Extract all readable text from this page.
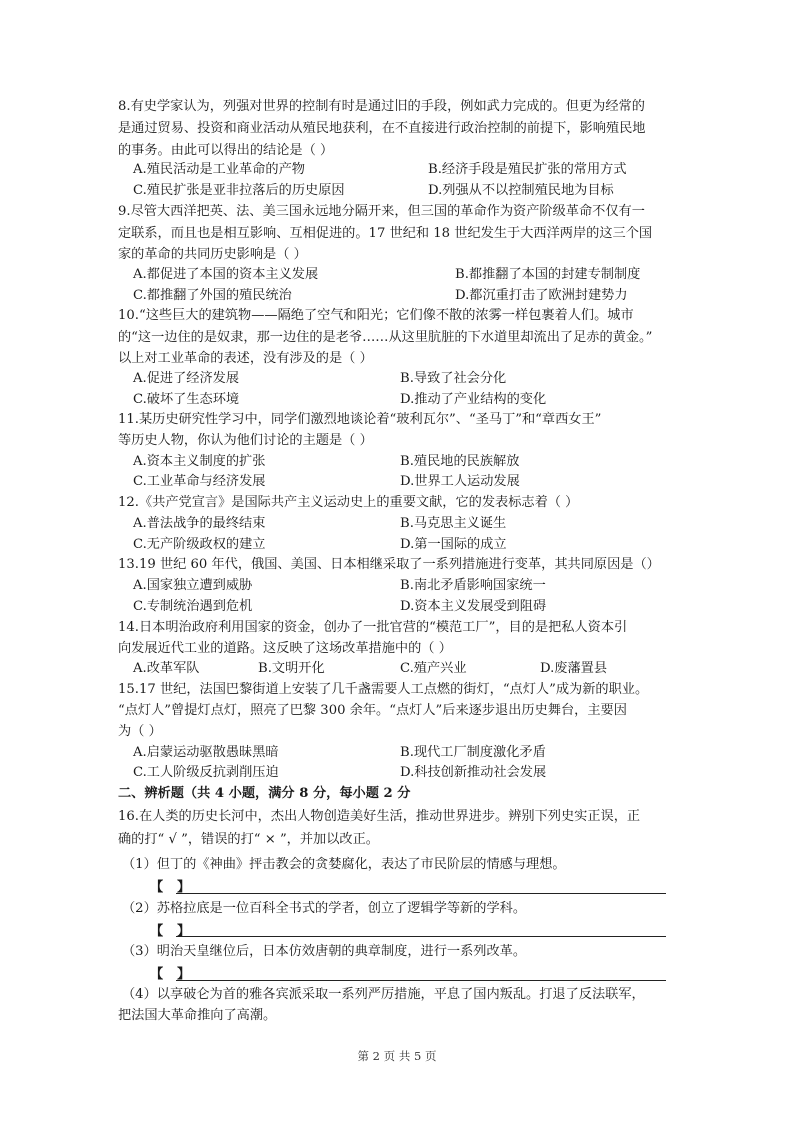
8.有史学家认为，列强对世界的控制有时是通过旧的手段，例如武力完成的。但更为经常的
是通过贸易、投资和商业活动从殖民地获利，在不直接进行政治控制的前提下，影响殖民地
的事务。由此可以得出的结论是（ ）
A.殖民活动是工业革命的产物	B.经济手段是殖民扩张的常用方式
C.殖民扩张是亚非拉落后的历史原因	D.列强从不以控制殖民地为目标
9.尽管大西洋把英、法、美三国永远地分隔开来，但三国的革命作为资产阶级革命不仅有一
定联系，而且也是相互影响、互相促进的。17 世纪和 18 世纪发生于大西洋两岸的这三个国
家的革命的共同历史影响是（ ）
A.都促进了本国的资本主义发展	B.都推翻了本国的封建专制制度
C.都推翻了外国的殖民统治	D.都沉重打击了欧洲封建势力
10.“这些巨大的建筑物——隔绝了空气和阳光；它们像不散的浓雾一样包裹着人们。城市
的“这一边住的是奴隶，那一边住的是老爷……从这里肮脏的下水道里却流出了足赤的黄金。”
以上对工业革命的表述，没有涉及的是（ ）
A.促进了经济发展	B.导致了社会分化
C.破坏了生态环境	D.推动了产业结构的变化
11.某历史研究性学习中，同学们激烈地谈论着“玻利瓦尔”、“圣马丁”和“章西女王”
等历史人物，你认为他们讨论的主题是（ ）
A.资本主义制度的扩张	B.殖民地的民族解放
C.工业革命与经济发展	D.世界工人运动发展
12.《共产党宣言》是国际共产主义运动史上的重要文献，它的发表标志着（ ）
A.普法战争的最终结束	B.马克思主义诞生
C.无产阶级政权的建立	D.第一国际的成立
13.19 世纪 60 年代，俄国、美国、日本相继采取了一系列措施进行变革，其共同原因是（）
A.国家独立遭到威胁	B.南北矛盾影响国家统一
C.专制统治遇到危机	D.资本主义发展受到阻碍
14.日本明治政府利用国家的资金，创办了一批官营的“模范工厂”，目的是把私人资本引
向发展近代工业的道路。这反映了这场改革措施中的（ ）
A.改革军队	B.文明开化	C.殖产兴业	D.废藩置县
15.17 世纪，法国巴黎街道上安装了几千盏需要人工点燃的街灯，“点灯人”成为新的职业。
“点灯人”曾提灯点灯，照亮了巴黎 300 余年。“点灯人”后来逐步退出历史舞台，主要因
为（ ）
A.启蒙运动驱散愚昧黑暗	B.现代工厂制度激化矛盾
C.工人阶级反抗剥削压迫	D.科技创新推动社会发展
二、辨析题（共 4 小题，满分 8 分，每小题 2 分
16.在人类的历史长河中，杰出人物创造美好生活，推动世界进步。辨别下列史实正误，正
确的打“ √ ”，错误的打“ × ”，并加以改正。
（1）但丁的《神曲》抨击教会的贪婪腐化，表达了市民阶层的情感与理想。
【   】
（2）苏格拉底是一位百科全书式的学者，创立了逻辑学等新的学科。
【   】
（3）明治天皇继位后，日本仿效唐朝的典章制度，进行一系列改革。
【   】
（4）以享破仑为首的雅各宾派采取一系列严厉措施，平息了国内叛乱。打退了反法联军，
把法国大革命推向了高潮。
第 2 页 共 5 页
